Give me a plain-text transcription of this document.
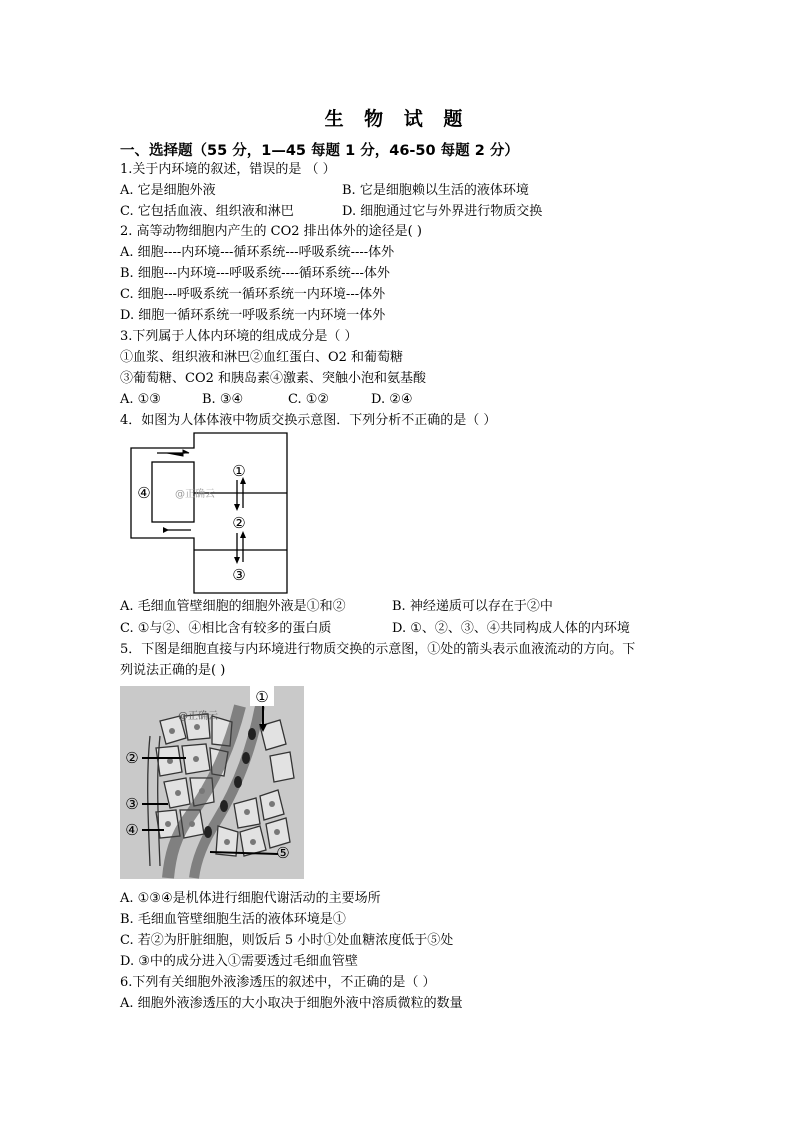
生 物 试 题
一、选择题（55 分，1—45 每题 1 分，46-50 每题 2 分）
1.关于内环境的叙述，错误的是 （ ）
A. 它是细胞外液	B. 它是细胞赖以生活的液体环境
C. 它包括血液、组织液和淋巴	D. 细胞通过它与外界进行物质交换
2. 高等动物细胞内产生的 CO2 排出体外的途径是( )
A. 细胞----内环境---循环系统---呼吸系统----体外
B. 细胞---内环境---呼吸系统----循环系统---体外
C. 细胞---呼吸系统一循环系统一内环境---体外
D. 细胞一循环系统一呼吸系统一内环境一体外
3.下列属于人体内环境的组成成分是（ ）
①血浆、组织液和淋巴②血红蛋白、O2 和葡萄糖
③葡萄糖、CO2 和胰岛素④激素、突触小泡和氨基酸
A. ①③	B. ③④	C. ①②	D. ②④
4．如图为人体体液中物质交换示意图．下列分析不正确的是（ ）
①
②
③
④ @正确云
A. 毛细血管壁细胞的细胞外液是①和②	B. 神经递质可以存在于②中
C. ①与②、④相比含有较多的蛋白质	D. ①、②、③、④共同构成人体的内环境
5．下图是细胞直接与内环境进行物质交换的示意图，①处的箭头表示血液流动的方向。下
列说法正确的是( )
①
②
③
④
⑤
@正确云
A. ①③④是机体进行细胞代谢活动的主要场所
B. 毛细血管壁细胞生活的液体环境是①
C. 若②为肝脏细胞，则饭后 5 小时①处血糖浓度低于⑤处
D. ③中的成分进入①需要透过毛细血管壁
6.下列有关细胞外液渗透压的叙述中，不正确的是（ ）
A. 细胞外液渗透压的大小取决于细胞外液中溶质微粒的数量
